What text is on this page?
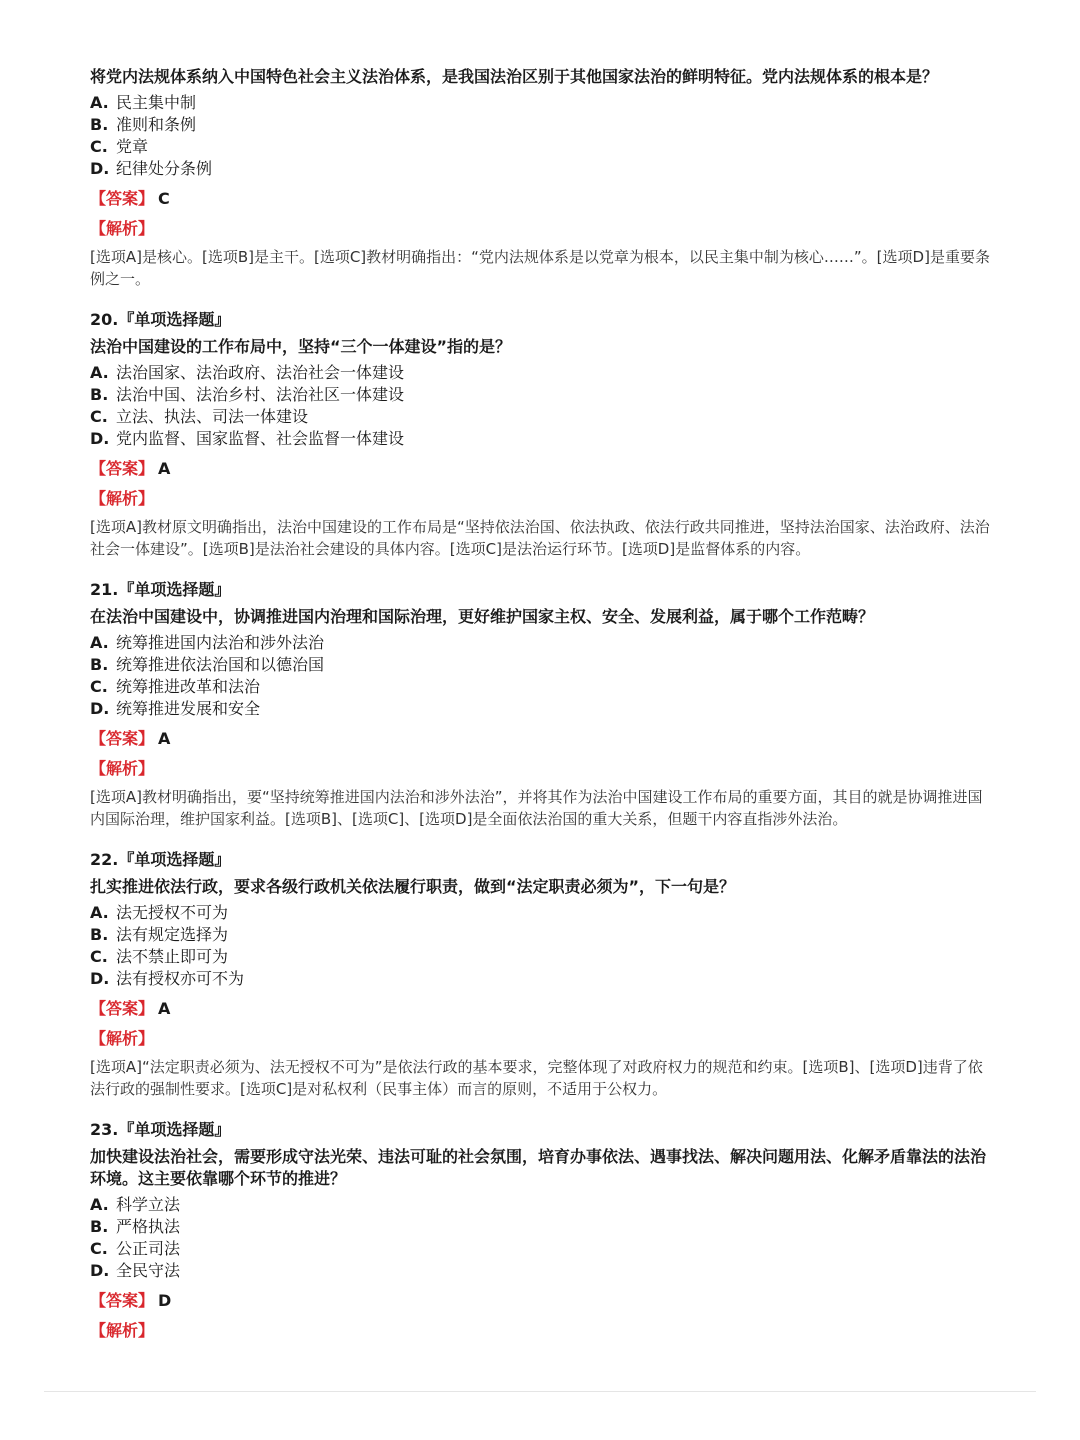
将党内法规体系纳入中国特色社会主义法治体系，是我国法治区别于其他国家法治的鲜明特征。党内法规体系的根本是？
A. 民主集中制
B. 准则和条例
C. 党章
D. 纪律处分条例
【答案】 C
【解析】
[选项A]是核心。[选项B]是主干。[选项C]教材明确指出：“党内法规体系是以党章为根本，以民主集中制为核心……”。[选项D]是重要条例之一。
20.『单项选择题』
法治中国建设的工作布局中，坚持“三个一体建设”指的是？
A. 法治国家、法治政府、法治社会一体建设
B. 法治中国、法治乡村、法治社区一体建设
C. 立法、执法、司法一体建设
D. 党内监督、国家监督、社会监督一体建设
【答案】 A
【解析】
[选项A]教材原文明确指出，法治中国建设的工作布局是“坚持依法治国、依法执政、依法行政共同推进，坚持法治国家、法治政府、法治社会一体建设”。[选项B]是法治社会建设的具体内容。[选项C]是法治运行环节。[选项D]是监督体系的内容。
21.『单项选择题』
在法治中国建设中，协调推进国内治理和国际治理，更好维护国家主权、安全、发展利益，属于哪个工作范畴？
A. 统筹推进国内法治和涉外法治
B. 统筹推进依法治国和以德治国
C. 统筹推进改革和法治
D. 统筹推进发展和安全
【答案】 A
【解析】
[选项A]教材明确指出，要“坚持统筹推进国内法治和涉外法治”，并将其作为法治中国建设工作布局的重要方面，其目的就是协调推进国内国际治理，维护国家利益。[选项B]、[选项C]、[选项D]是全面依法治国的重大关系，但题干内容直指涉外法治。
22.『单项选择题』
扎实推进依法行政，要求各级行政机关依法履行职责，做到“法定职责必须为”，下一句是？
A. 法无授权不可为
B. 法有规定选择为
C. 法不禁止即可为
D. 法有授权亦可不为
【答案】 A
【解析】
[选项A]“法定职责必须为、法无授权不可为”是依法行政的基本要求，完整体现了对政府权力的规范和约束。[选项B]、[选项D]违背了依法行政的强制性要求。[选项C]是对私权利（民事主体）而言的原则，不适用于公权力。
23.『单项选择题』
加快建设法治社会，需要形成守法光荣、违法可耻的社会氛围，培育办事依法、遇事找法、解决问题用法、化解矛盾靠法的法治环境。这主要依靠哪个环节的推进？
A. 科学立法
B. 严格执法
C. 公正司法
D. 全民守法
【答案】 D
【解析】
